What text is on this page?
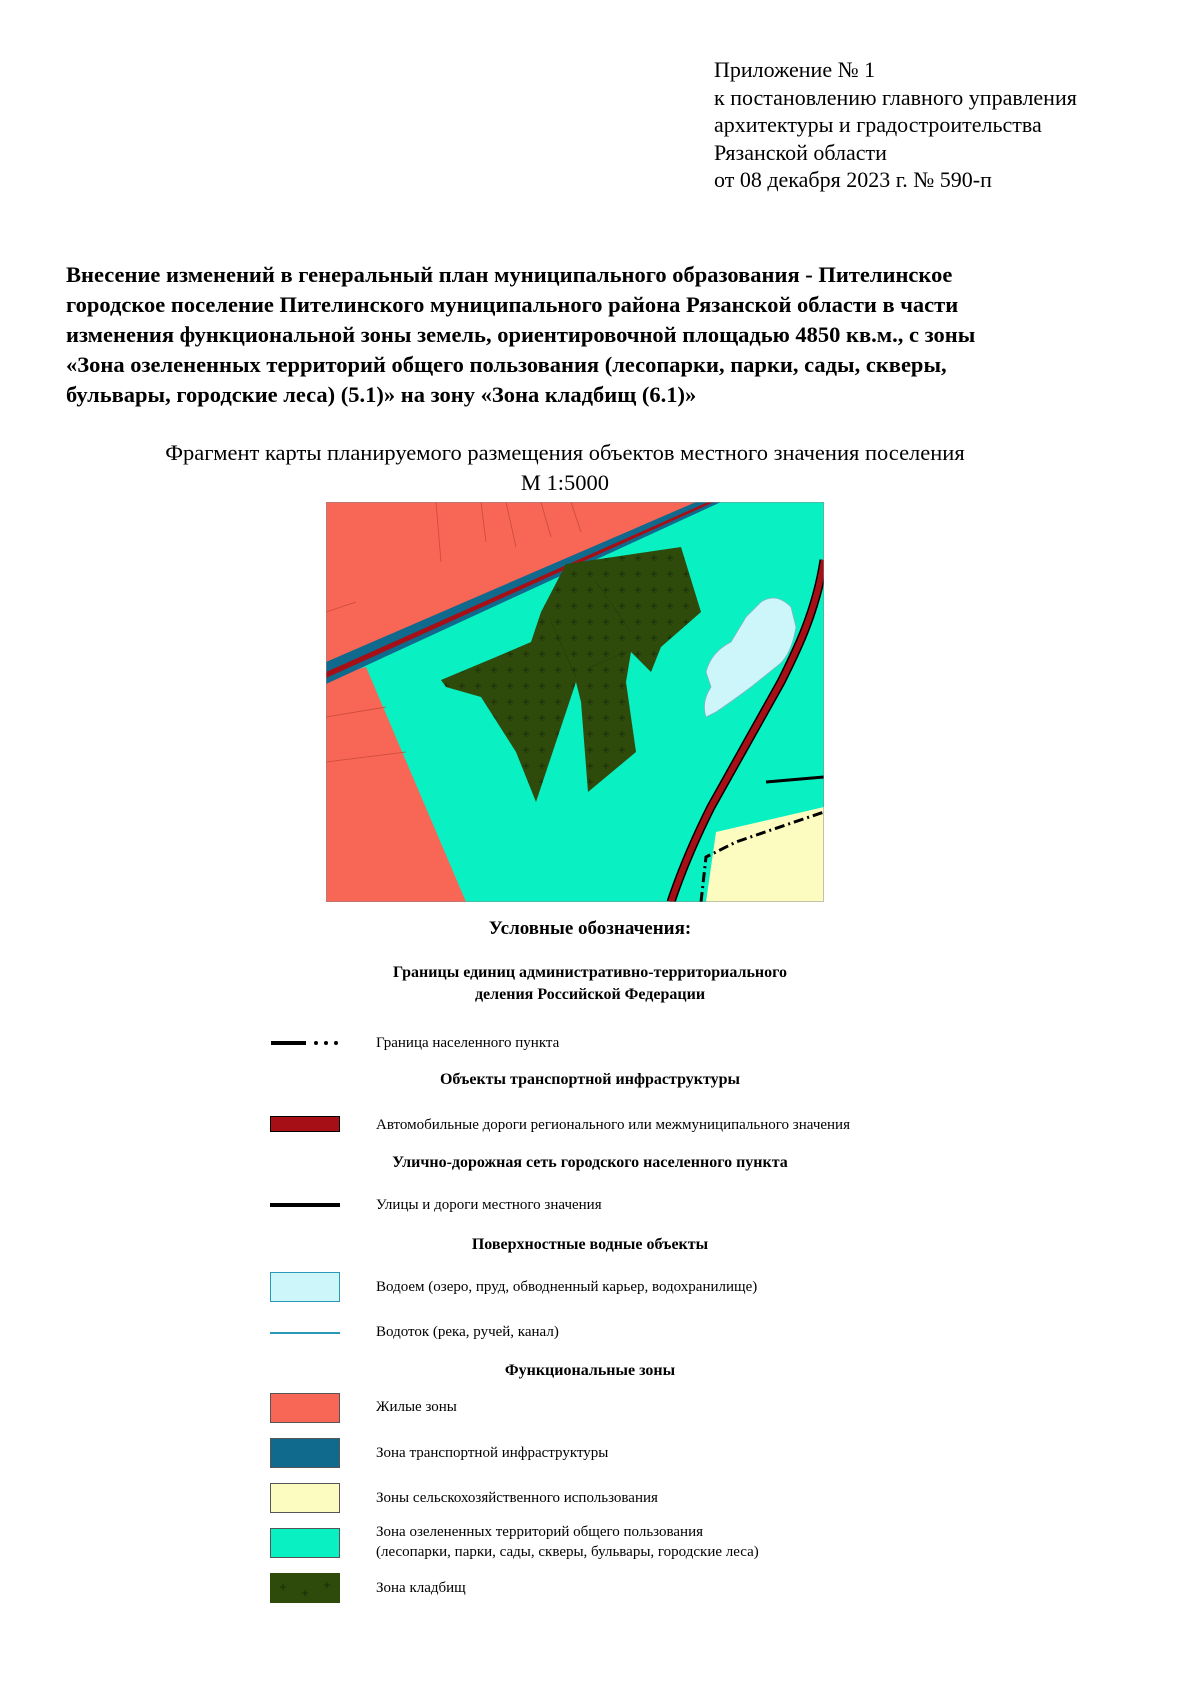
Приложение № 1
к постановлению главного управления
архитектуры и градостроительства
Рязанской области
от 08 декабря 2023 г. № 590-п
Внесение изменений в генеральный план муниципального образования - Пителинское
городское поселение Пителинского муниципального района Рязанской области в части
изменения функциональной зоны земель, ориентировочной площадью 4850 кв.м., с зоны
«Зона озелененных территорий общего пользования (лесопарки, парки, сады, скверы,
бульвары, городские леса) (5.1)» на зону «Зона кладбищ (6.1)»
Фрагмент карты планируемого размещения объектов местного значения поселения
М 1:5000
Условные обозначения:
Границы единиц административно-территориального
деления Российской Федерации
Граница населенного пункта
Объекты транспортной инфраструктуры
Автомобильные дороги регионального или межмуниципального значения
Улично-дорожная сеть городского населенного пункта
Улицы и дороги местного значения
Поверхностные водные объекты
Водоем (озеро, пруд, обводненный карьер, водохранилище)
Водоток (река, ручей, канал)
Функциональные зоны
Жилые зоны
Зона транспортной инфраструктуры
Зоны сельскохозяйственного использования
Зона озелененных территорий общего пользования
(лесопарки, парки, сады, скверы, бульвары, городские леса)
Зона кладбищ
